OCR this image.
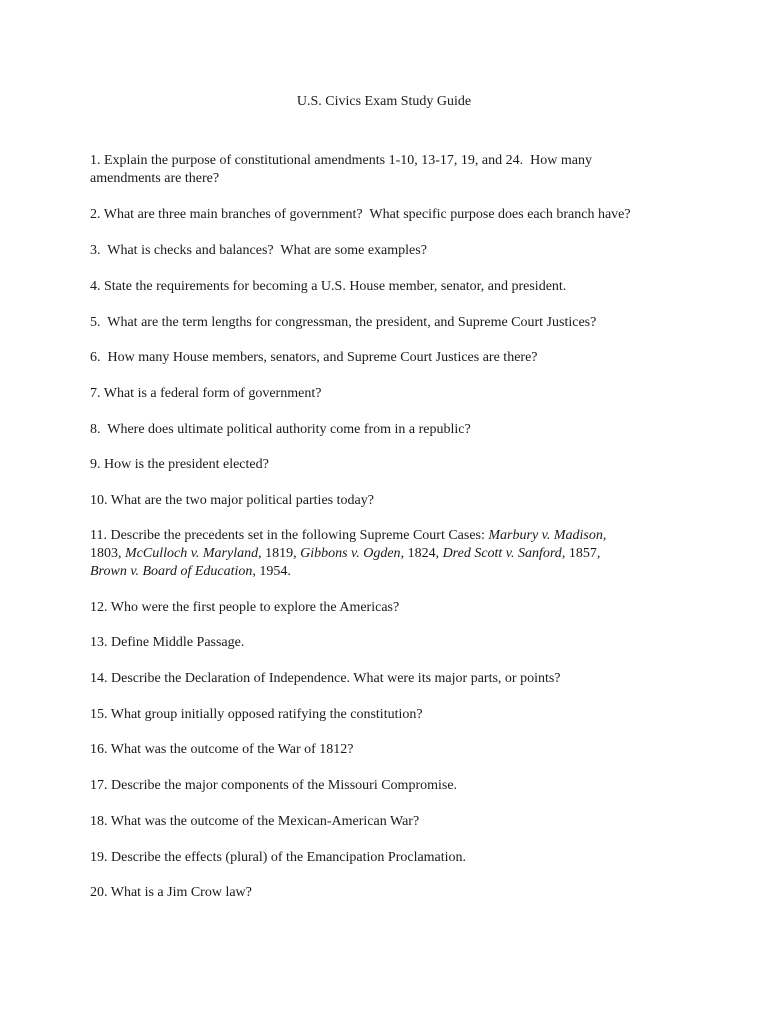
U.S. Civics Exam Study Guide
1. Explain the purpose of constitutional amendments 1-10, 13-17, 19, and 24.  How many
amendments are there?
2. What are three main branches of government?  What specific purpose does each branch have?
3.  What is checks and balances?  What are some examples?
4. State the requirements for becoming a U.S. House member, senator, and president.
5.  What are the term lengths for congressman, the president, and Supreme Court Justices?
6.  How many House members, senators, and Supreme Court Justices are there?
7. What is a federal form of government?
8.  Where does ultimate political authority come from in a republic?
9. How is the president elected?
10. What are the two major political parties today?
11. Describe the precedents set in the following Supreme Court Cases: Marbury v. Madison,
1803, McCulloch v. Maryland, 1819, Gibbons v. Ogden, 1824, Dred Scott v. Sanford, 1857,
Brown v. Board of Education, 1954.
12. Who were the first people to explore the Americas?
13. Define Middle Passage.
14. Describe the Declaration of Independence. What were its major parts, or points?
15. What group initially opposed ratifying the constitution?
16. What was the outcome of the War of 1812?
17. Describe the major components of the Missouri Compromise.
18. What was the outcome of the Mexican-American War?
19. Describe the effects (plural) of the Emancipation Proclamation.
20. What is a Jim Crow law?
